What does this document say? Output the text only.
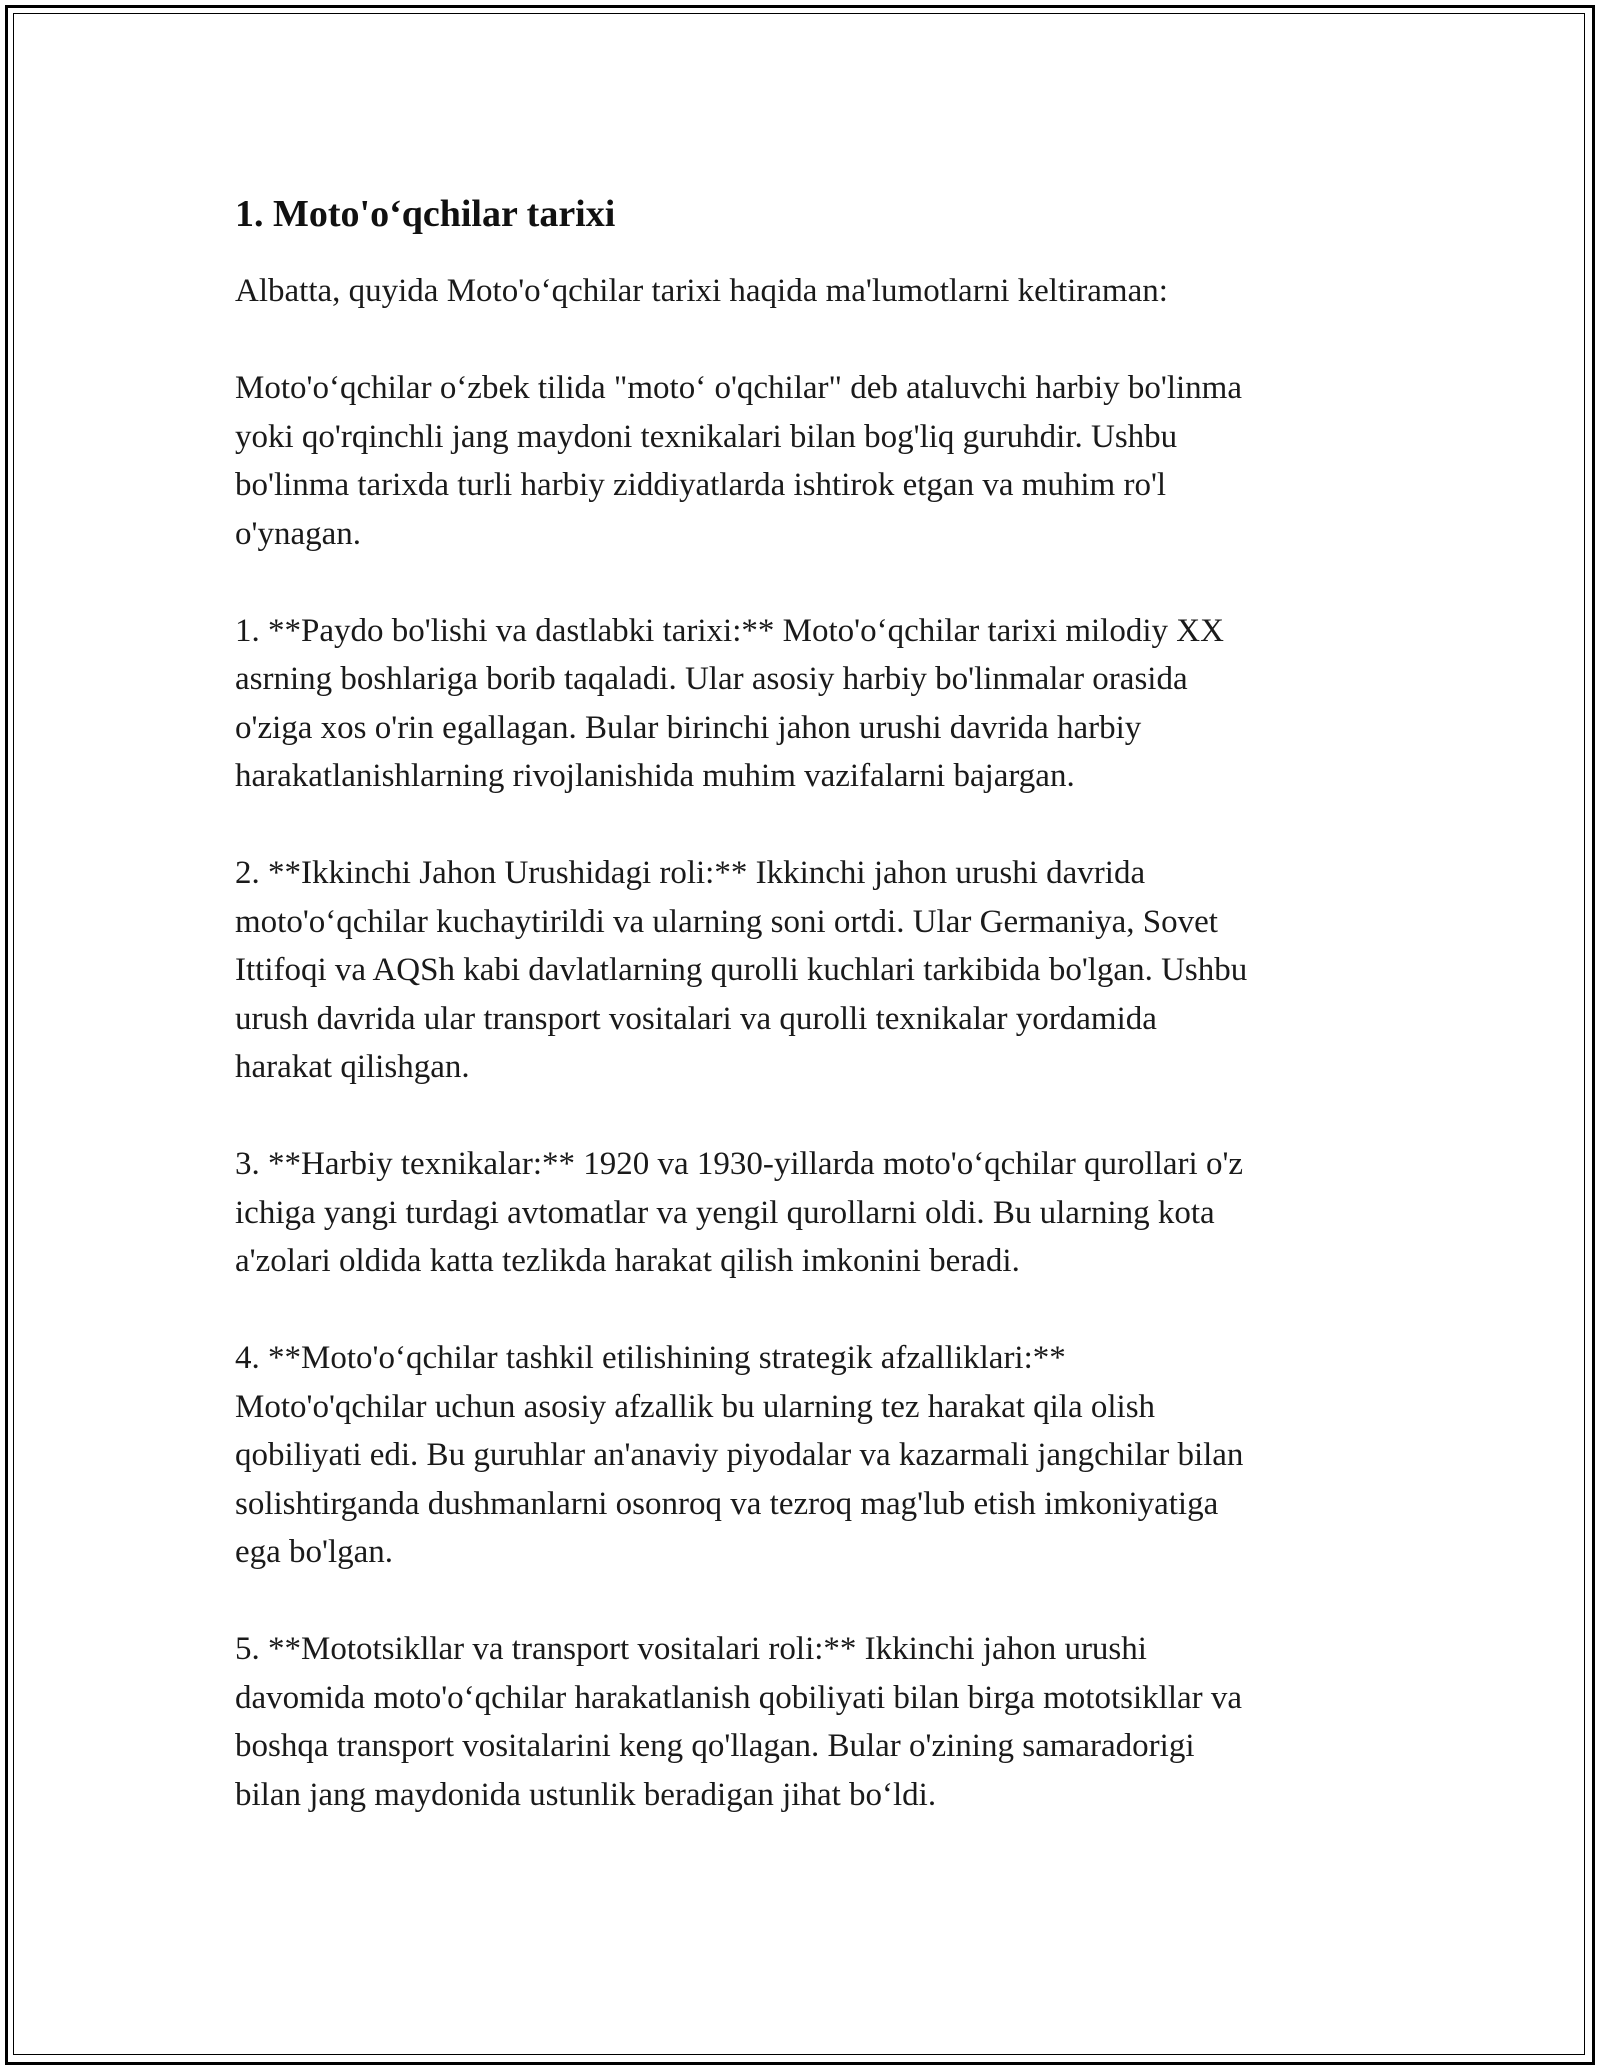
1. Moto'o‘qchilar tarixi

Albatta, quyida Moto'o‘qchilar tarixi haqida ma'lumotlarni keltiraman:

Moto'o‘qchilar o‘zbek tilida "moto‘ o'qchilar" deb ataluvchi harbiy bo'linma
yoki qo'rqinchli jang maydoni texnikalari bilan bog'liq guruhdir. Ushbu
bo'linma tarixda turli harbiy ziddiyatlarda ishtirok etgan va muhim ro'l
o'ynagan.

1. **Paydo bo'lishi va dastlabki tarixi:** Moto'o‘qchilar tarixi milodiy XX
asrning boshlariga borib taqaladi. Ular asosiy harbiy bo'linmalar orasida
o'ziga xos o'rin egallagan. Bular birinchi jahon urushi davrida harbiy
harakatlanishlarning rivojlanishida muhim vazifalarni bajargan.

2. **Ikkinchi Jahon Urushidagi roli:** Ikkinchi jahon urushi davrida
moto'o‘qchilar kuchaytirildi va ularning soni ortdi. Ular Germaniya, Sovet
Ittifoqi va AQSh kabi davlatlarning qurolli kuchlari tarkibida bo'lgan. Ushbu
urush davrida ular transport vositalari va qurolli texnikalar yordamida
harakat qilishgan.

3. **Harbiy texnikalar:** 1920 va 1930-yillarda moto'o‘qchilar qurollari o'z
ichiga yangi turdagi avtomatlar va yengil qurollarni oldi. Bu ularning kota
a'zolari oldida katta tezlikda harakat qilish imkonini beradi.

4. **Moto'o‘qchilar tashkil etilishining strategik afzalliklari:**
Moto'o'qchilar uchun asosiy afzallik bu ularning tez harakat qila olish
qobiliyati edi. Bu guruhlar an'anaviy piyodalar va kazarmali jangchilar bilan
solishtirganda dushmanlarni osonroq va tezroq mag'lub etish imkoniyatiga
ega bo'lgan.

5. **Mototsikllar va transport vositalari roli:** Ikkinchi jahon urushi
davomida moto'o‘qchilar harakatlanish qobiliyati bilan birga mototsikllar va
boshqa transport vositalarini keng qo'llagan. Bular o'zining samaradorigi
bilan jang maydonida ustunlik beradigan jihat bo‘ldi.
